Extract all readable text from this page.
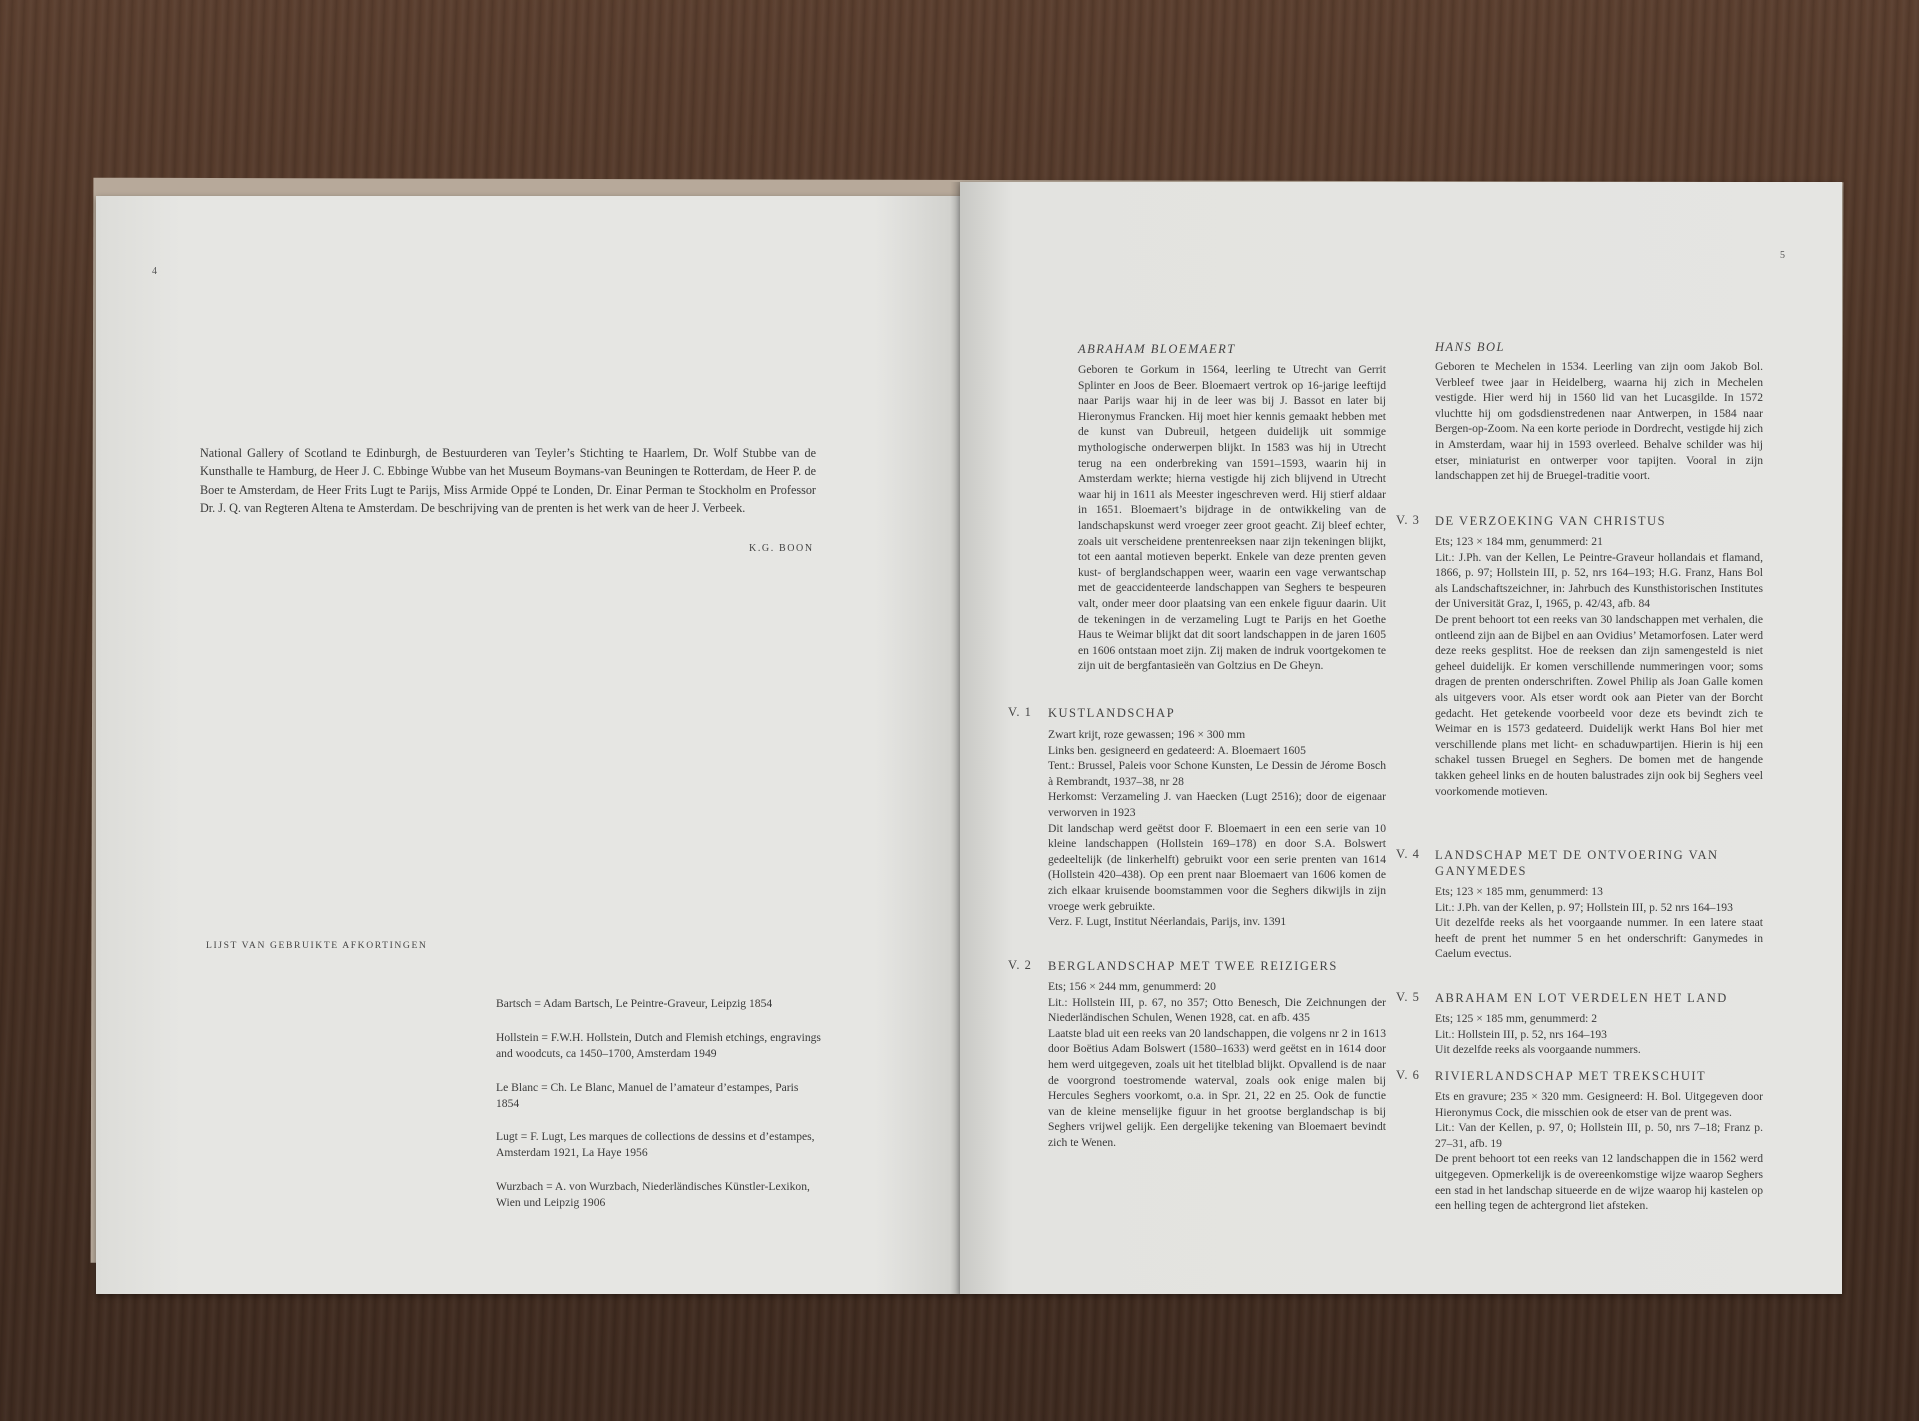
4
National Gallery of Scotland te Edinburgh, de Bestuurderen van Teyler’s Stichting te Haarlem, Dr. Wolf Stubbe van de Kunsthalle te Hamburg, de Heer J. C. Ebbinge Wubbe van het Museum Boymans-van Beuningen te Rotterdam, de Heer P. de Boer te Amsterdam, de Heer Frits Lugt te Parijs, Miss Armide Oppé te Londen, Dr. Einar Perman te Stockholm en Professor Dr. J. Q. van Regteren Altena te Amsterdam. De beschrijving van de prenten is het werk van de heer J. Verbeek.
K.G. BOON
LIJST VAN GEBRUIKTE AFKORTINGEN
Bartsch = Adam Bartsch, Le Peintre-Graveur, Leipzig 1854
Hollstein = F.W.H. Hollstein, Dutch and Flemish etchings, engravings and woodcuts, ca 1450–1700, Amsterdam 1949
Le Blanc = Ch. Le Blanc, Manuel de l’amateur d’estampes, Paris 1854
Lugt = F. Lugt, Les marques de collections de dessins et d’estampes, Amsterdam 1921, La Haye 1956
Wurzbach = A. von Wurzbach, Niederländisches Künstler-Lexikon, Wien und Leipzig 1906
5
ABRAHAM BLOEMAERT
Geboren te Gorkum in 1564, leerling te Utrecht van Gerrit Splinter en Joos de Beer. Bloemaert vertrok op 16-jarige leeftijd naar Parijs waar hij in de leer was bij J. Bassot en later bij Hieronymus Francken. Hij moet hier kennis gemaakt hebben met de kunst van Dubreuil, hetgeen duidelijk uit sommige mythologische onderwerpen blijkt. In 1583 was hij in Utrecht terug na een onderbreking van 1591–1593, waarin hij in Amsterdam werkte; hierna vestigde hij zich blijvend in Utrecht waar hij in 1611 als Meester ingeschreven werd. Hij stierf aldaar in 1651. Bloemaert’s bijdrage in de ontwikkeling van de landschapskunst werd vroeger zeer groot geacht. Zij bleef echter, zoals uit verscheidene prentenreeksen naar zijn tekeningen blijkt, tot een aantal motieven beperkt. Enkele van deze prenten geven kust- of berglandschappen weer, waarin een vage verwantschap met de geaccidenteerde landschappen van Seghers te bespeuren valt, onder meer door plaatsing van een enkele figuur daarin. Uit de tekeningen in de verzameling Lugt te Parijs en het Goethe Haus te Weimar blijkt dat dit soort landschappen in de jaren 1605 en 1606 ontstaan moet zijn. Zij maken de indruk voortgekomen te zijn uit de bergfantasieën van Goltzius en De Gheyn.
V. 1 KUSTLANDSCHAP
Zwart krijt, roze gewassen; 196 × 300 mm
Links ben. gesigneerd en gedateerd: A. Bloemaert 1605
Tent.: Brussel, Paleis voor Schone Kunsten, Le Dessin de Jérome Bosch à Rembrandt, 1937–38, nr 28
Herkomst: Verzameling J. van Haecken (Lugt 2516); door de eigenaar verworven in 1923
Dit landschap werd geëtst door F. Bloemaert in een een serie van 10 kleine landschappen (Hollstein 169–178) en door S.A. Bolswert gedeeltelijk (de linkerhelft) gebruikt voor een serie prenten van 1614 (Hollstein 420–438). Op een prent naar Bloemaert van 1606 komen de zich elkaar kruisende boomstammen voor die Seghers dikwijls in zijn vroege werk gebruikte.
Verz. F. Lugt, Institut Néerlandais, Parijs, inv. 1391
V. 2 BERGLANDSCHAP MET TWEE REIZIGERS
Ets; 156 × 244 mm, genummerd: 20
Lit.: Hollstein III, p. 67, no 357; Otto Benesch, Die Zeichnungen der Niederländischen Schulen, Wenen 1928, cat. en afb. 435
Laatste blad uit een reeks van 20 landschappen, die volgens nr 2 in 1613 door Boëtius Adam Bolswert (1580–1633) werd geëtst en in 1614 door hem werd uitgegeven, zoals uit het titelblad blijkt. Opvallend is de naar de voorgrond toestromende waterval, zoals ook enige malen bij Hercules Seghers voorkomt, o.a. in Spr. 21, 22 en 25. Ook de functie van de kleine menselijke figuur in het grootse berglandschap is bij Seghers vrijwel gelijk. Een dergelijke tekening van Bloemaert bevindt zich te Wenen.
HANS BOL
Geboren te Mechelen in 1534. Leerling van zijn oom Jakob Bol. Verbleef twee jaar in Heidelberg, waarna hij zich in Mechelen vestigde. Hier werd hij in 1560 lid van het Lucasgilde. In 1572 vluchtte hij om godsdienstredenen naar Antwerpen, in 1584 naar Bergen-op-Zoom. Na een korte periode in Dordrecht, vestigde hij zich in Amsterdam, waar hij in 1593 overleed. Behalve schilder was hij etser, miniaturist en ontwerper voor tapijten. Vooral in zijn landschappen zet hij de Bruegel-traditie voort.
V. 3 DE VERZOEKING VAN CHRISTUS
Ets; 123 × 184 mm, genummerd: 21
Lit.: J.Ph. van der Kellen, Le Peintre-Graveur hollandais et flamand, 1866, p. 97; Hollstein III, p. 52, nrs 164–193; H.G. Franz, Hans Bol als Landschaftszeichner, in: Jahrbuch des Kunsthistorischen Institutes der Universität Graz, I, 1965, p. 42/43, afb. 84
De prent behoort tot een reeks van 30 landschappen met verhalen, die ontleend zijn aan de Bijbel en aan Ovidius’ Metamorfosen. Later werd deze reeks gesplitst. Hoe de reeksen dan zijn samengesteld is niet geheel duidelijk. Er komen verschillende nummeringen voor; soms dragen de prenten onderschriften. Zowel Philip als Joan Galle komen als uitgevers voor. Als etser wordt ook aan Pieter van der Borcht gedacht. Het getekende voorbeeld voor deze ets bevindt zich te Weimar en is 1573 gedateerd. Duidelijk werkt Hans Bol hier met verschillende plans met licht- en schaduwpartijen. Hierin is hij een schakel tussen Bruegel en Seghers. De bomen met de hangende takken geheel links en de houten balustrades zijn ook bij Seghers veel voorkomende motieven.
V. 4 LANDSCHAP MET DE ONTVOERING VAN GANYMEDES
Ets; 123 × 185 mm, genummerd: 13
Lit.: J.Ph. van der Kellen, p. 97; Hollstein III, p. 52 nrs 164–193
Uit dezelfde reeks als het voorgaande nummer. In een latere staat heeft de prent het nummer 5 en het onderschrift: Ganymedes in Caelum evectus.
V. 5 ABRAHAM EN LOT VERDELEN HET LAND
Ets; 125 × 185 mm, genummerd: 2
Lit.: Hollstein III, p. 52, nrs 164–193
Uit dezelfde reeks als voorgaande nummers.
V. 6 RIVIERLANDSCHAP MET TREKSCHUIT
Ets en gravure; 235 × 320 mm. Gesigneerd: H. Bol. Uitgegeven door Hieronymus Cock, die misschien ook de etser van de prent was.
Lit.: Van der Kellen, p. 97, 0; Hollstein III, p. 50, nrs 7–18; Franz p. 27–31, afb. 19
De prent behoort tot een reeks van 12 landschappen die in 1562 werd uitgegeven. Opmerkelijk is de overeenkomstige wijze waarop Seghers een stad in het landschap situeerde en de wijze waarop hij kastelen op een helling tegen de achtergrond liet afsteken.
